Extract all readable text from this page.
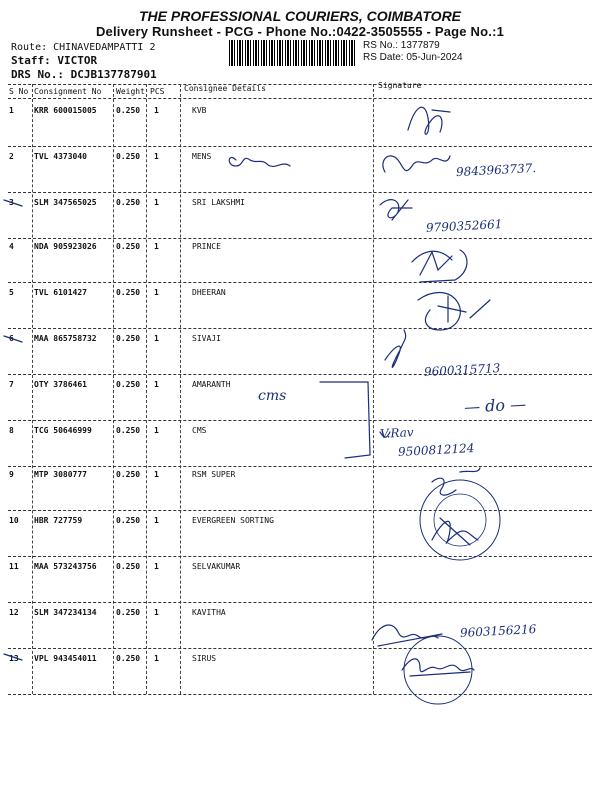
THE PROFESSIONAL COURIERS, COIMBATORE
Delivery Runsheet - PCG - Phone No.:0422-3505555 - Page No.:1
Route: CHINAVEDAMPATTI 2
Staff: VICTOR
DRS No.: DCJB137787901
RS No.: 1377879
RS Date: 05-Jun-2024
S No Consignment No Weight PCS Consignee Details	Signature
1	KRR 600015005 0.250 1	KVB
2	TVL 4373040	0.250 1	MENS
3	SLM 347565025 0.250 1	SRI LAKSHMI
4	NDA 905923026 0.250 1	PRINCE
5	TVL 6101427	0.250 1	DHEERAN
6	MAA 865758732 0.250 1	SIVAJI
7	OTY 3786461	0.250 1	AMARANTH
8	TCG 50646999	0.250 1	CMS
9	MTP 3080777	0.250 1	RSM SUPER
10 HBR 727759	0.250 1	EVERGREEN SORTING
11 MAA 573243756 0.250 1	SELVAKUMAR
12 SLM 347234134 0.250 1	KAVITHA
13 VPL 943454011 0.250 1	SIRUS
cms
9843963737.
9790352661
9600315713
— do —
V.Rav
9500812124
9603156216
